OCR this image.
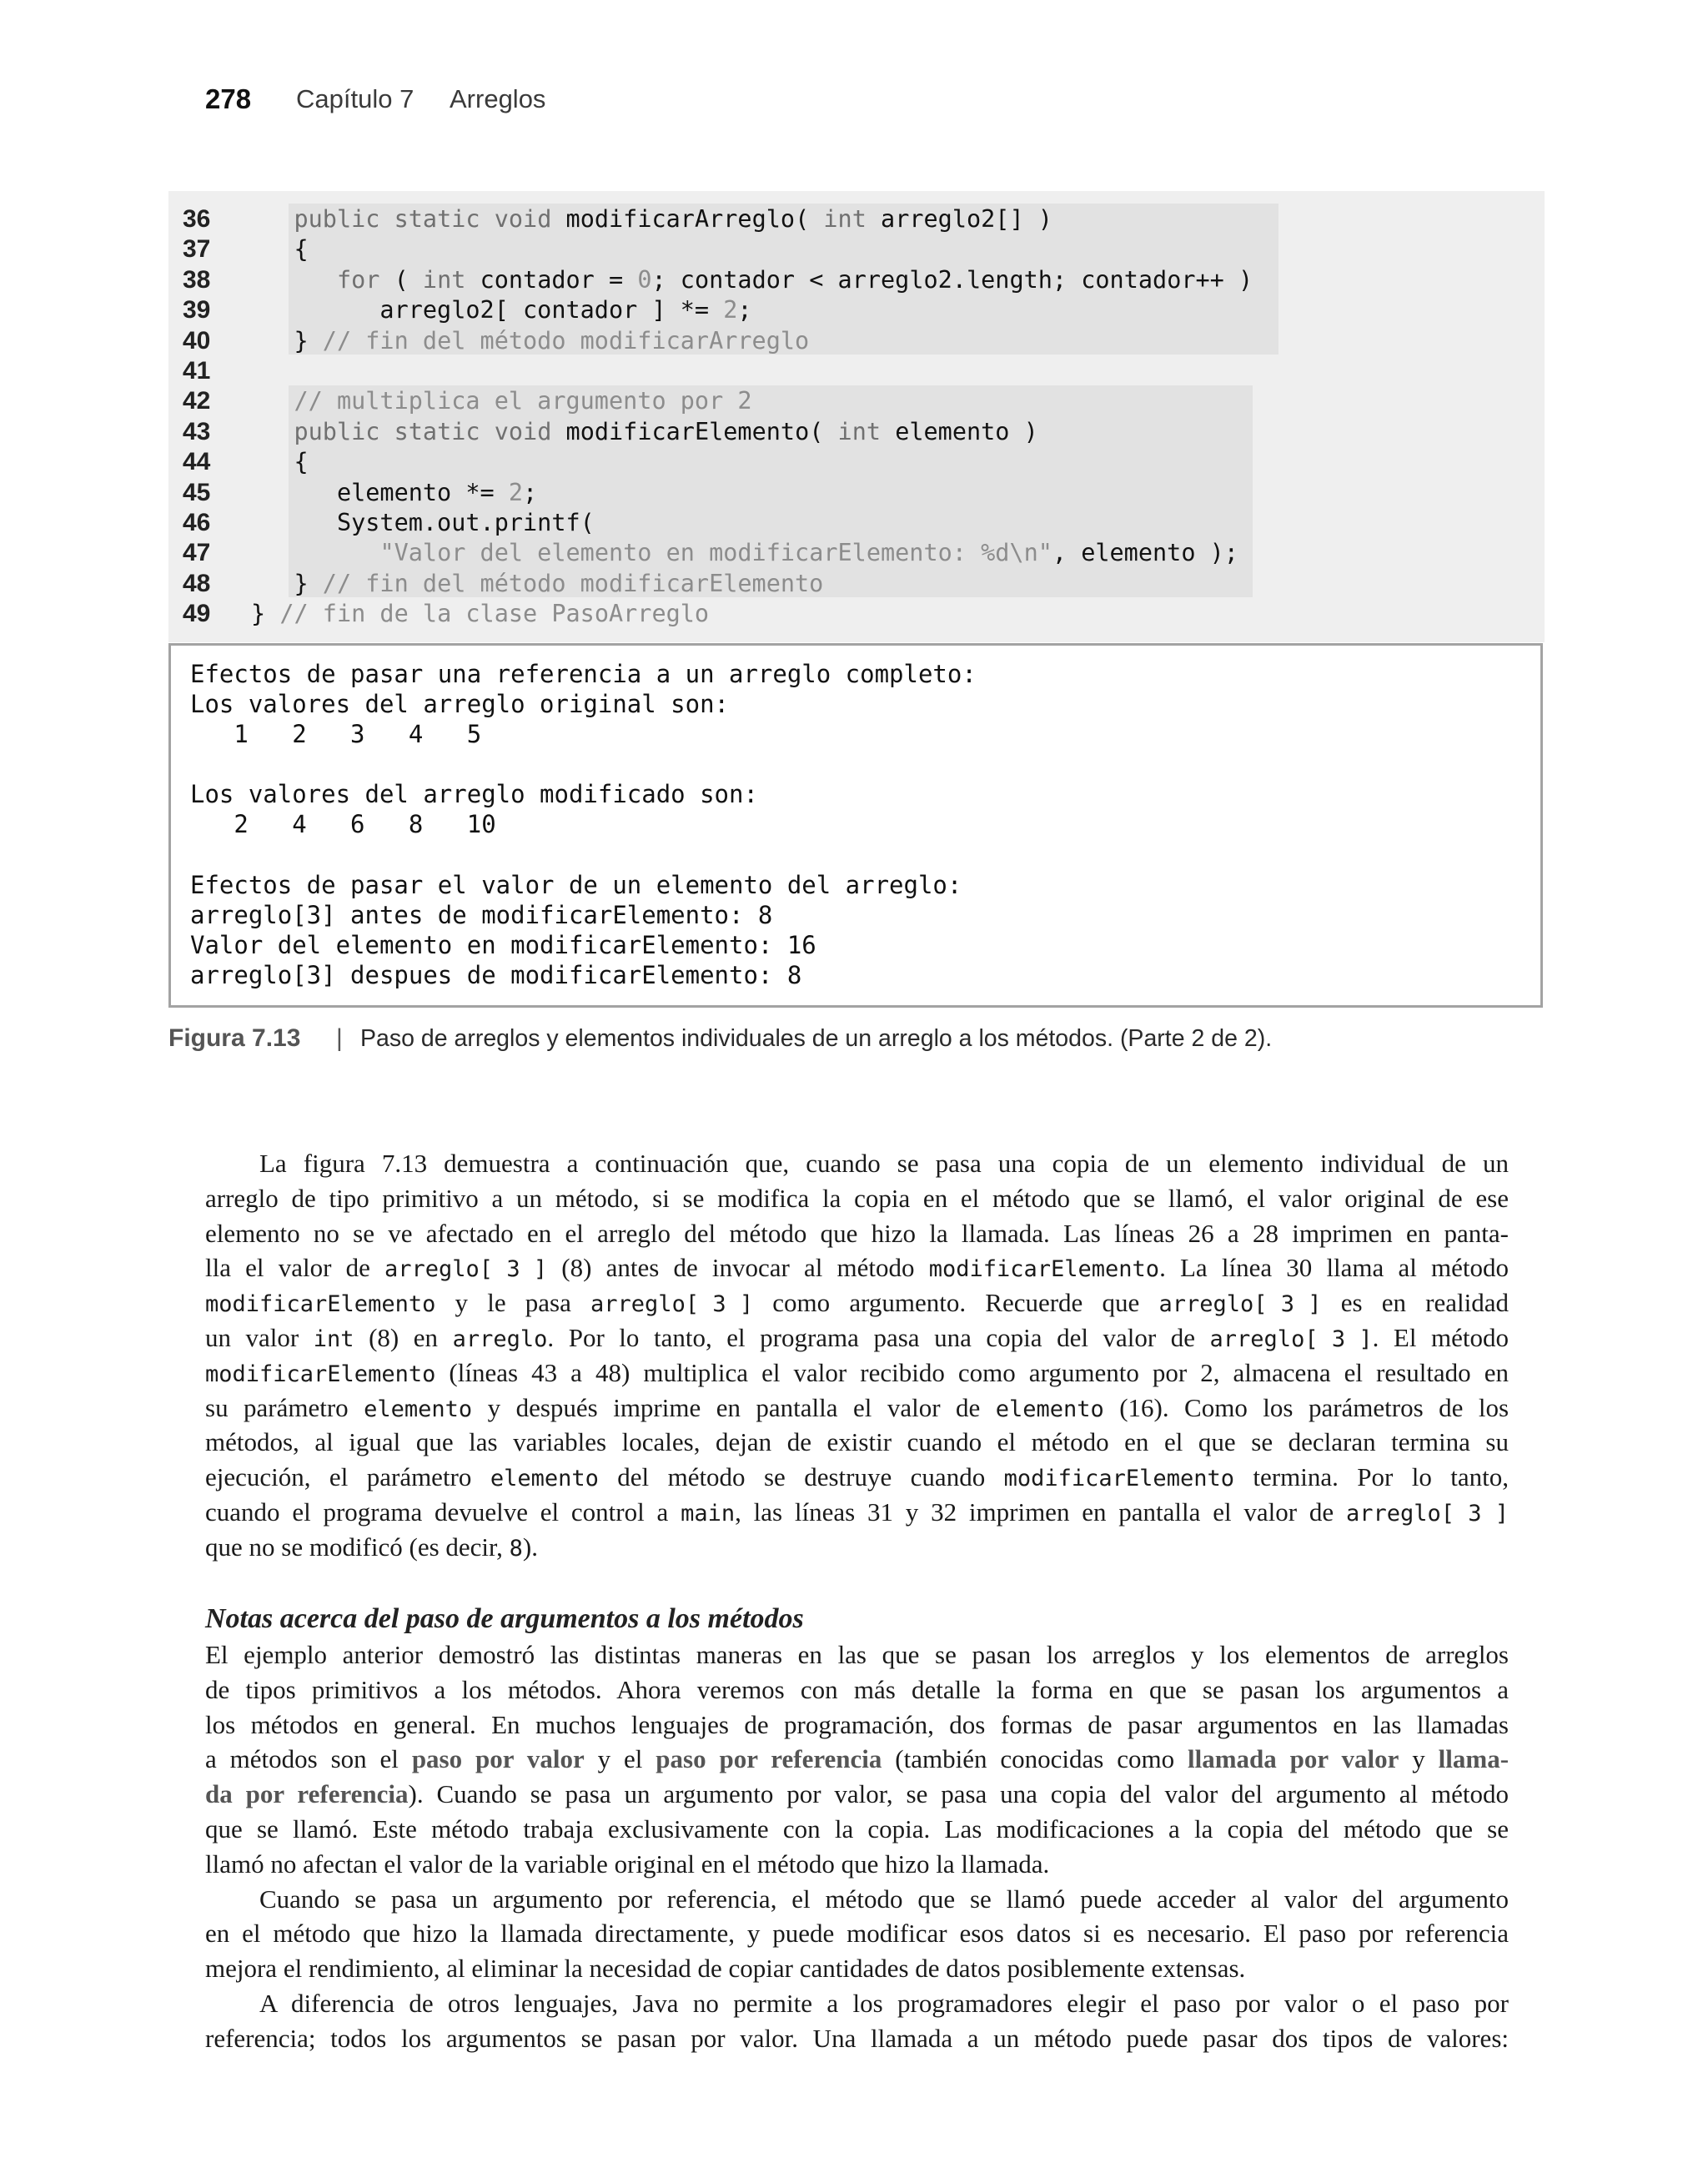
278 Capítulo 7 Arreglos
36	public static void modificarArreglo( int arreglo2[] )
37 {
38	for ( int contador = 0; contador < arreglo2.length; contador++ )
39 arreglo2[ contador ] *= 2;
40 } // fin del método modificarArreglo
41
42	// multiplica el argumento por 2
43	public static void modificarElemento( int elemento )
44 {
45 elemento *= 2;
46 System.out.printf(
47	"Valor del elemento en modificarElemento: %d\n", elemento );
48 } // fin del método modificarElemento
49 } // fin de la clase PasoArreglo
Efectos de pasar una referencia a un arreglo completo:
Los valores del arreglo original son:
1   2   3   4   5
Los valores del arreglo modificado son:
2   4   6   8   10
Efectos de pasar el valor de un elemento del arreglo:
arreglo[3] antes de modificarElemento: 8
Valor del elemento en modificarElemento: 16
arreglo[3] despues de modificarElemento: 8
Figura 7.13 | Paso de arreglos y elementos individuales de un arreglo a los métodos. (Parte 2 de 2).
La figura 7.13 demuestra a continuación que, cuando se pasa una copia de un elemento individual de un
arreglo de tipo primitivo a un método, si se modifica la copia en el método que se llamó, el valor original de ese
elemento no se ve afectado en el arreglo del método que hizo la llamada. Las líneas 26 a 28 imprimen en panta-
lla el valor de arreglo[ 3 ] (8) antes de invocar al método modificarElemento. La línea 30 llama al método
modificarElemento y le pasa arreglo[ 3 ] como argumento. Recuerde que arreglo[ 3 ] es en realidad
un valor int (8) en arreglo. Por lo tanto, el programa pasa una copia del valor de arreglo[ 3 ]. El método
modificarElemento (líneas 43 a 48) multiplica el valor recibido como argumento por 2, almacena el resultado en
su parámetro elemento y después imprime en pantalla el valor de elemento (16). Como los parámetros de los
métodos, al igual que las variables locales, dejan de existir cuando el método en el que se declaran termina su
ejecución, el parámetro elemento del método se destruye cuando modificarElemento termina. Por lo tanto,
cuando el programa devuelve el control a main, las líneas 31 y 32 imprimen en pantalla el valor de arreglo[ 3 ]
que no se modificó (es decir, 8).
Notas acerca del paso de argumentos a los métodos
El ejemplo anterior demostró las distintas maneras en las que se pasan los arreglos y los elementos de arreglos
de tipos primitivos a los métodos. Ahora veremos con más detalle la forma en que se pasan los argumentos a
los métodos en general. En muchos lenguajes de programación, dos formas de pasar argumentos en las llamadas
a métodos son el paso por valor y el paso por referencia (también conocidas como llamada por valor y llama-
da por referencia). Cuando se pasa un argumento por valor, se pasa una copia del valor del argumento al método
que se llamó. Este método trabaja exclusivamente con la copia. Las modificaciones a la copia del método que se
llamó no afectan el valor de la variable original en el método que hizo la llamada.
Cuando se pasa un argumento por referencia, el método que se llamó puede acceder al valor del argumento
en el método que hizo la llamada directamente, y puede modificar esos datos si es necesario. El paso por referencia
mejora el rendimiento, al eliminar la necesidad de copiar cantidades de datos posiblemente extensas.
A diferencia de otros lenguajes, Java no permite a los programadores elegir el paso por valor o el paso por
referencia; todos los argumentos se pasan por valor. Una llamada a un método puede pasar dos tipos de valores:
